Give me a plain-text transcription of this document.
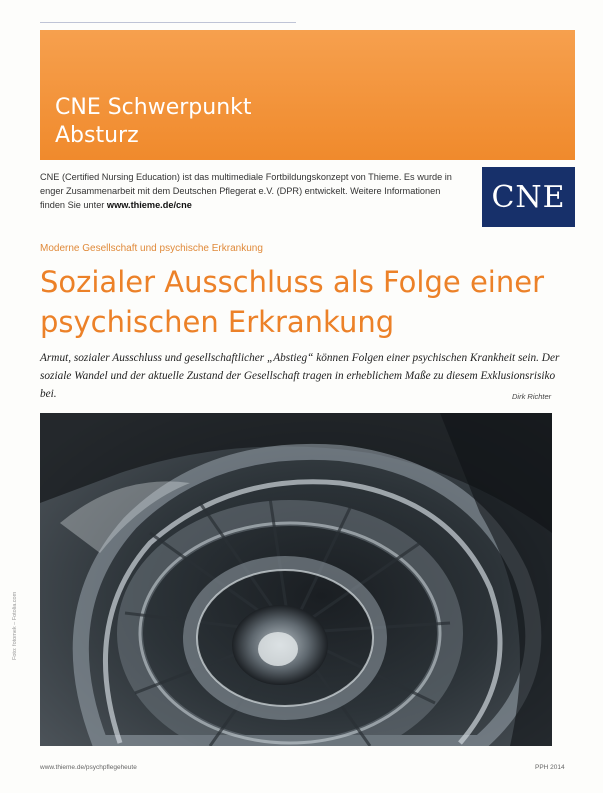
CNE Schwerpunkt
Absturz
CNE (Certified Nursing Education) ist das multimediale Fortbildungskonzept von Thieme. Es wurde in enger Zusammenarbeit mit dem Deutschen Pflegerat e.V. (DPR) entwickelt. Weitere Informationen finden Sie unter www.thieme.de/cne	CNE
Moderne Gesellschaft und psychische Erkrankung
Sozialer Ausschluss als Folge einer
psychischen Erkrankung
Armut, sozialer Ausschluss und gesellschaftlicher „Abstieg“ können Folgen einer psychischen Krankheit sein. Der soziale Wandel und der aktuelle Zustand der Gesellschaft tragen in erheblichem Maße zu diesem Exklusionsrisiko bei.	Dirk Richter
Foto: fotomek – Fotolia.com
www.thieme.de/psychpflegeheute	PPH 2014
